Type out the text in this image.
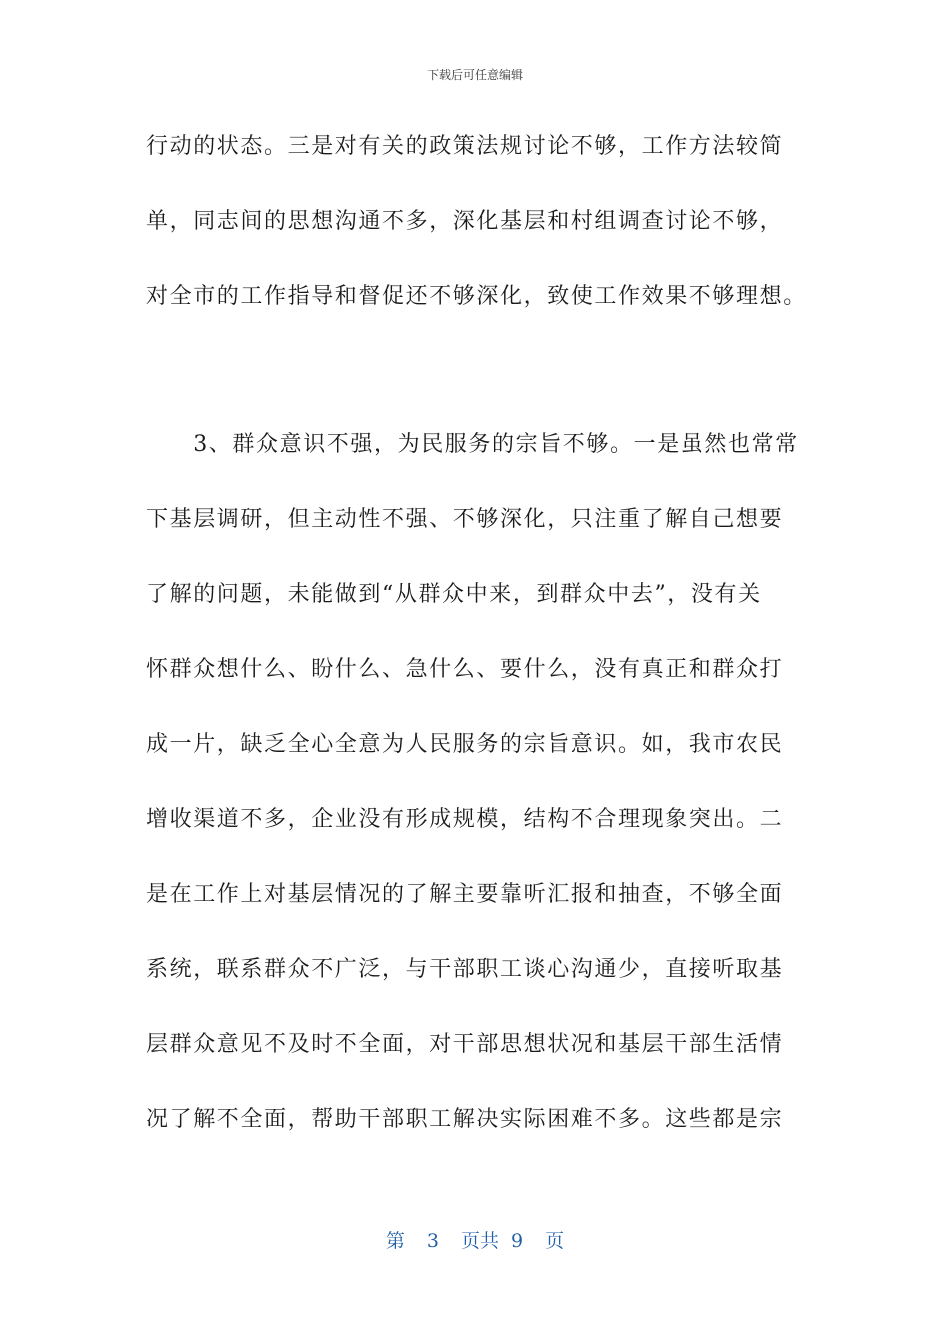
下载后可任意编辑
行动的状态。三是对有关的政策法规讨论不够，工作方法较简
单，同志间的思想沟通不多，深化基层和村组调查讨论不够，
对全市的工作指导和督促还不够深化，致使工作效果不够理想。
　　3、群众意识不强，为民服务的宗旨不够。一是虽然也常常
下基层调研，但主动性不强、不够深化，只注重了解自己想要
了解的问题，未能做到“从群众中来，到群众中去”，没有关
怀群众想什么、盼什么、急什么、要什么，没有真正和群众打
成一片，缺乏全心全意为人民服务的宗旨意识。如，我市农民
增收渠道不多，企业没有形成规模，结构不合理现象突出。二
是在工作上对基层情况的了解主要靠听汇报和抽查，不够全面
系统，联系群众不广泛，与干部职工谈心沟通少，直接听取基
层群众意见不及时不全面，对干部思想状况和基层干部生活情
况了解不全面，帮助干部职工解决实际困难不多。这些都是宗
第 3 页共 9 页
